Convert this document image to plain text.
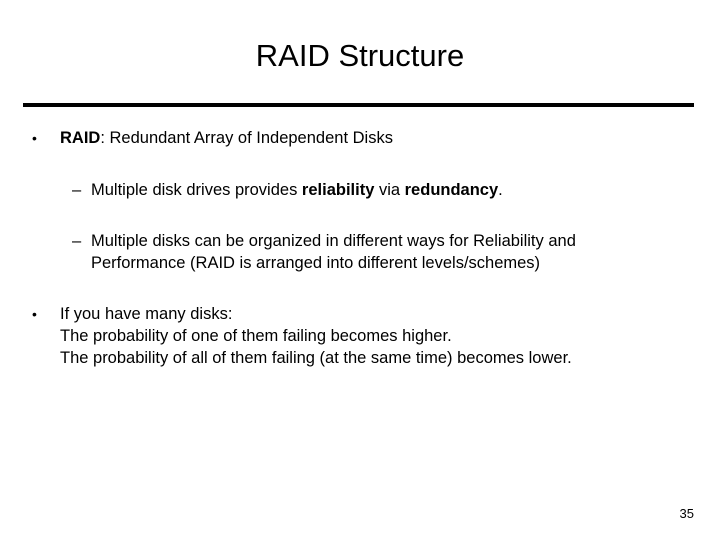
RAID Structure
• RAID: Redundant Array of Independent Disks
– Multiple disk drives provides reliability via redundancy.
– Multiple disks can be organized in different ways for Reliability and
Performance (RAID is arranged into different levels/schemes)
• If you have many disks:
The probability of one of them failing becomes higher.
The probability of all of them failing (at the same time) becomes lower.
35
